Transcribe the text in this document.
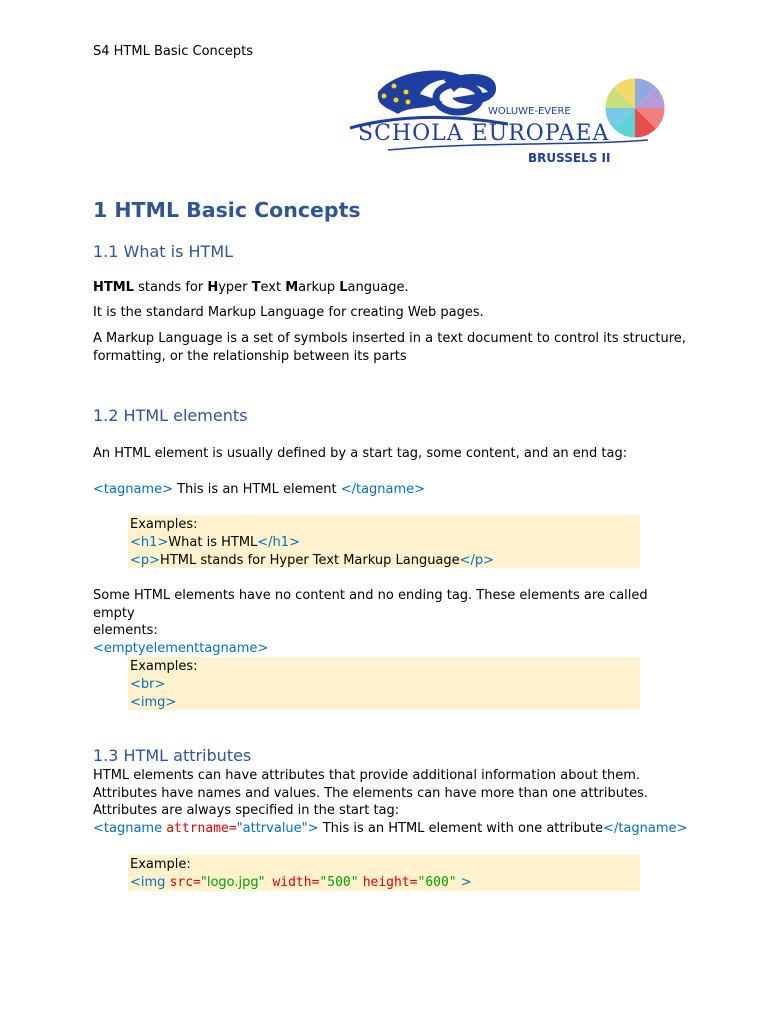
S4 HTML Basic Concepts
WOLUWE-EVERE
SCHOLA EUROPAEA
BRUSSELS II
1 HTML Basic Concepts
1.1 What is HTML
HTML stands for Hyper Text Markup Language.
It is the standard Markup Language for creating Web pages.
A Markup Language is a set of symbols inserted in a text document to control its structure,
formatting, or the relationship between its parts
1.2 HTML elements
An HTML element is usually defined by a start tag, some content, and an end tag:
<tagname> This is an HTML element </tagname>
Examples:
<h1>What is HTML</h1>
<p>HTML stands for Hyper Text Markup Language</p>
Some HTML elements have no content and no ending tag. These elements are called empty
elements:
<emptyelementtagname>
Examples:
<br>
<img>
1.3 HTML attributes
HTML elements can have attributes that provide additional information about them.
Attributes have names and values. The elements can have more than one attributes.
Attributes are always specified in the start tag:
<tagname attrname="attrvalue"> This is an HTML element with one attribute</tagname>
Example:
<img src="logo.jpg" width="500" height="600" >
